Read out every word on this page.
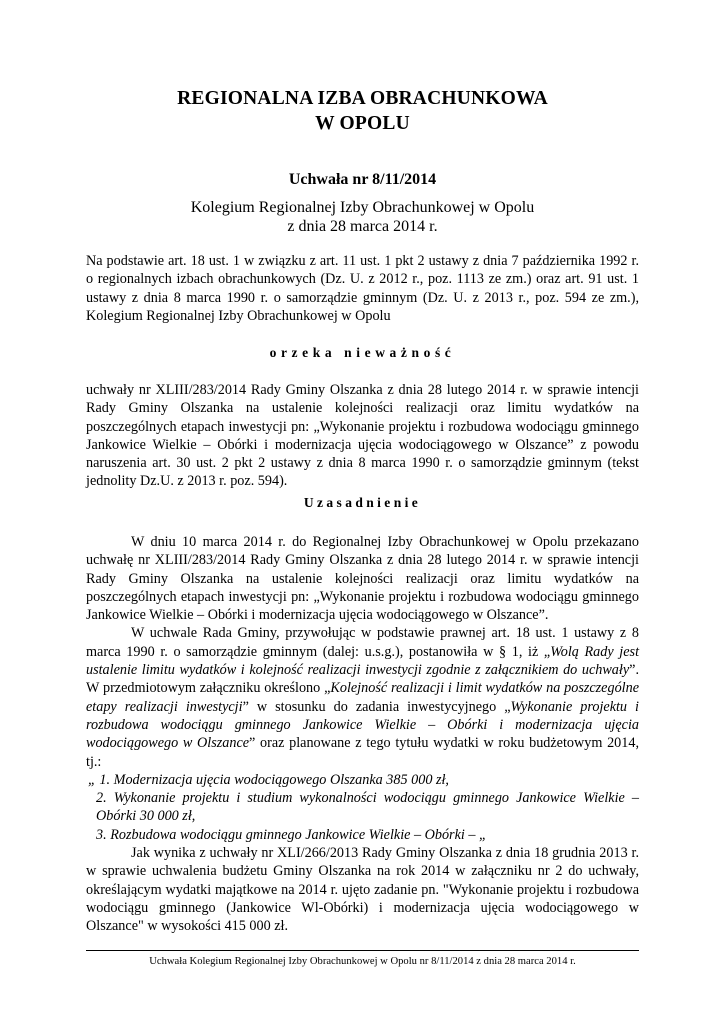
REGIONALNA IZBA OBRACHUNKOWA
W OPOLU
Uchwała nr 8/11/2014
Kolegium Regionalnej Izby Obrachunkowej w Opolu
z dnia 28 marca 2014 r.
Na podstawie art. 18 ust. 1 w związku z art. 11 ust. 1 pkt 2 ustawy z dnia 7 października 1992 r. o regionalnych izbach obrachunkowych (Dz. U. z 2012 r., poz. 1113 ze zm.) oraz art. 91 ust. 1 ustawy z dnia 8 marca 1990 r. o samorządzie gminnym (Dz. U. z 2013 r., poz. 594 ze zm.), Kolegium Regionalnej Izby Obrachunkowej w Opolu
orzeka nieważność
uchwały nr XLIII/283/2014 Rady Gminy Olszanka z dnia 28 lutego 2014 r. w sprawie intencji Rady Gminy Olszanka na ustalenie kolejności realizacji oraz limitu wydatków na poszczególnych etapach inwestycji pn: „Wykonanie projektu i rozbudowa wodociągu gminnego Jankowice Wielkie – Obórki i modernizacja ujęcia wodociągowego w Olszance” z powodu naruszenia art. 30 ust. 2 pkt 2 ustawy z dnia 8 marca 1990 r. o samorządzie gminnym (tekst jednolity Dz.U. z 2013 r. poz. 594).
Uzasadnienie

W dniu 10 marca 2014 r. do Regionalnej Izby Obrachunkowej w Opolu przekazano uchwałę nr XLIII/283/2014 Rady Gminy Olszanka z dnia 28 lutego 2014 r. w sprawie intencji Rady Gminy Olszanka na ustalenie kolejności realizacji oraz limitu wydatków na poszczególnych etapach inwestycji pn: „Wykonanie projektu i rozbudowa wodociągu gminnego Jankowice Wielkie – Obórki i modernizacja ujęcia wodociągowego w Olszance”.

W uchwale Rada Gminy, przywołując w podstawie prawnej art. 18 ust. 1 ustawy z 8 marca 1990 r. o samorządzie gminnym (dalej: u.s.g.), postanowiła w § 1, iż „Wolą Rady jest ustalenie limitu wydatków i kolejność realizacji inwestycji zgodnie z załącznikiem do uchwały”. W przedmiotowym załączniku określono „Kolejność realizacji i limit wydatków na poszczególne etapy realizacji inwestycji” w stosunku do zadania inwestycyjnego „Wykonanie projektu i rozbudowa wodociągu gminnego Jankowice Wielkie – Obórki i modernizacja ujęcia wodociągowego w Olszance” oraz planowane z tego tytułu wydatki w roku budżetowym 2014, tj.:

„ 1. Modernizacja ujęcia wodociągowego Olszanka 385 000 zł,

2. Wykonanie projektu i studium wykonalności wodociągu gminnego Jankowice Wielkie – Obórki 30 000 zł,

3. Rozbudowa wodociągu gminnego Jankowice Wielkie – Obórki – „

Jak wynika z uchwały nr XLI/266/2013 Rady Gminy Olszanka z dnia 18 grudnia 2013 r. w sprawie uchwalenia budżetu Gminy Olszanka na rok 2014 w załączniku nr 2 do uchwały, określającym wydatki majątkowe na 2014 r. ujęto zadanie pn. "Wykonanie projektu i rozbudowa wodociągu gminnego (Jankowice Wl-Obórki) i modernizacja ujęcia wodociągowego w Olszance" w wysokości 415 000 zł.

Uchwała Kolegium Regionalnej Izby Obrachunkowej w Opolu nr 8/11/2014 z dnia 28 marca 2014 r.
